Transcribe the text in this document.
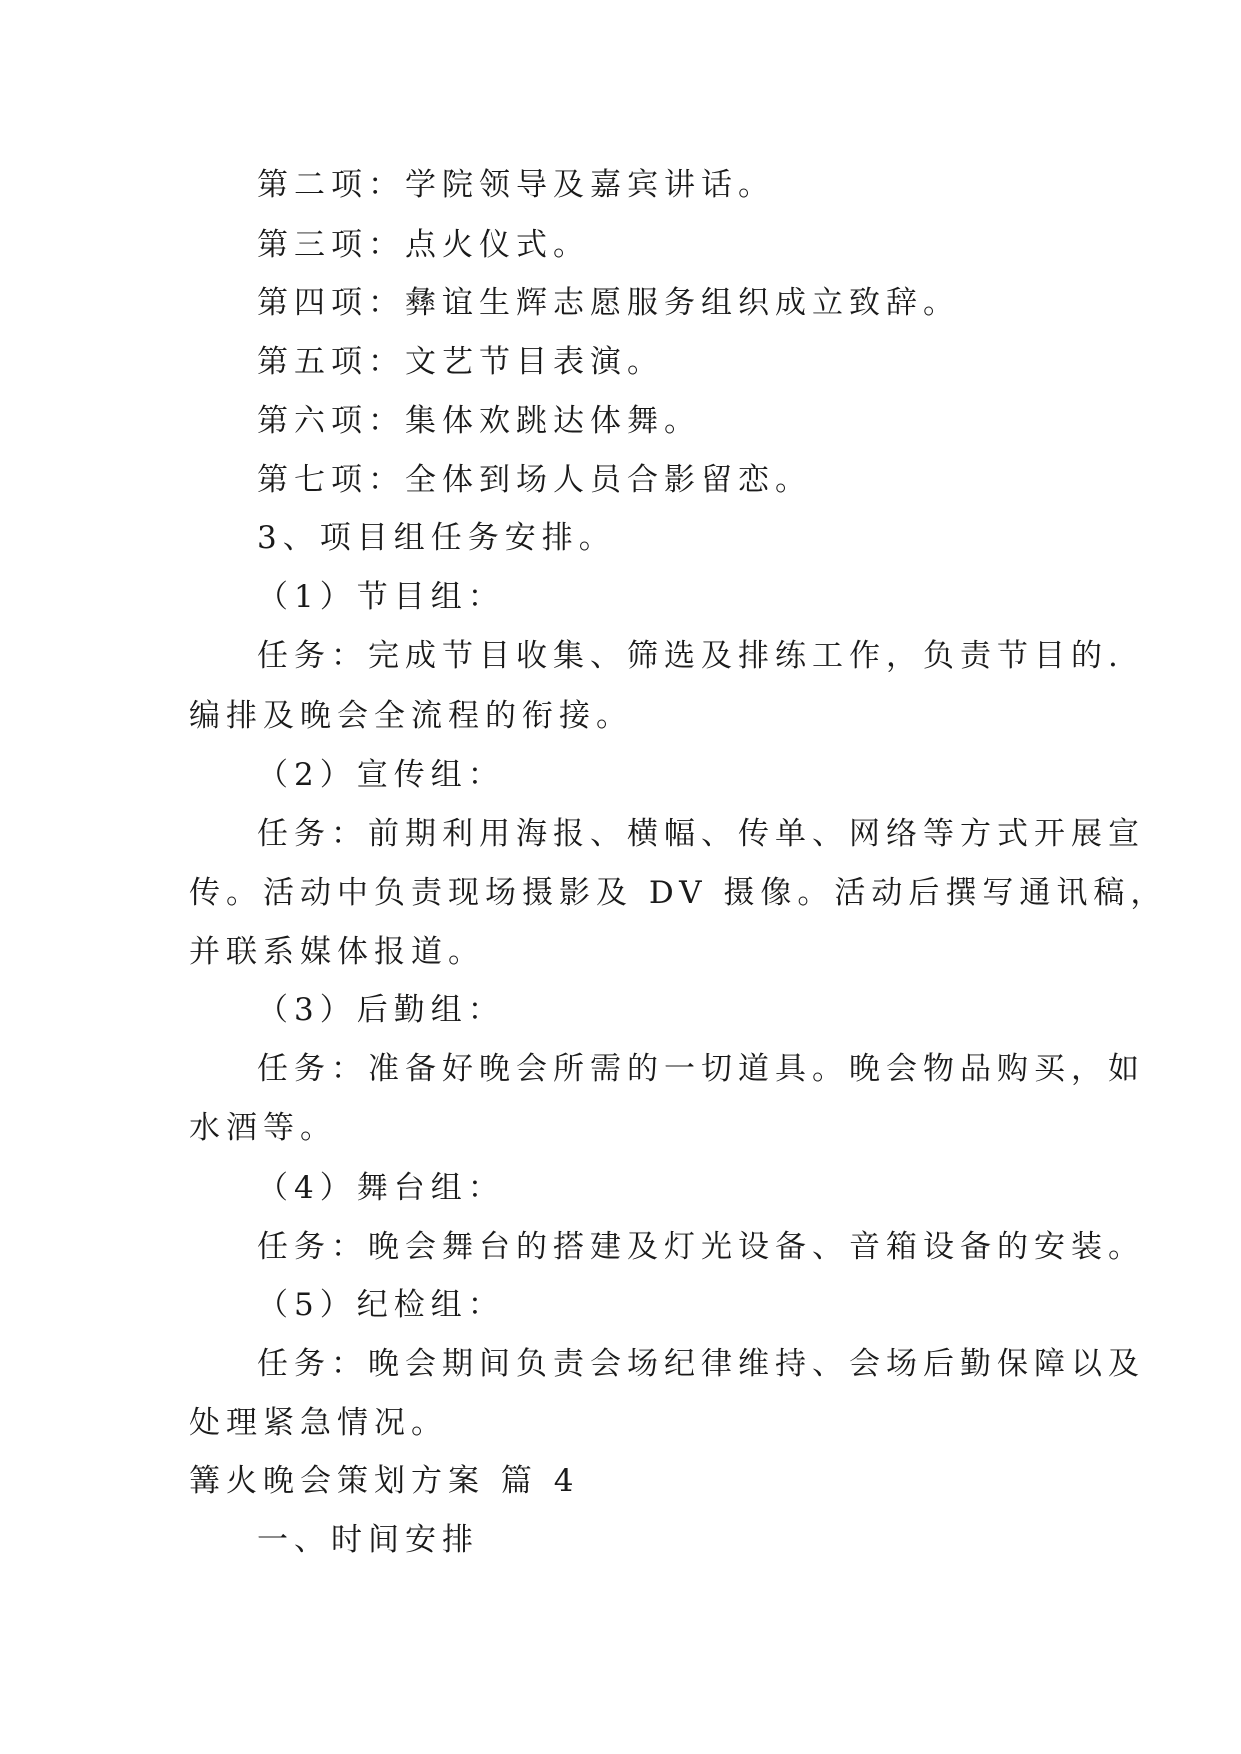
第二项：学院领导及嘉宾讲话。
第三项：点火仪式。
第四项：彝谊生辉志愿服务组织成立致辞。
第五项：文艺节目表演。
第六项：集体欢跳达体舞。
第七项：全体到场人员合影留恋。
3、项目组任务安排。
（1）节目组：
任务：完成节目收集、筛选及排练工作，负责节目的.
编排及晚会全流程的衔接。
（2）宣传组：
任务：前期利用海报、横幅、传单、网络等方式开展宣
传。活动中负责现场摄影及 DV 摄像。活动后撰写通讯稿，
并联系媒体报道。
（3）后勤组：
任务：准备好晚会所需的一切道具。晚会物品购买，如
水酒等。
（4）舞台组：
任务：晚会舞台的搭建及灯光设备、音箱设备的安装。
（5）纪检组：
任务：晚会期间负责会场纪律维持、会场后勤保障以及
处理紧急情况。
篝火晚会策划方案 篇 4
一、时间安排
